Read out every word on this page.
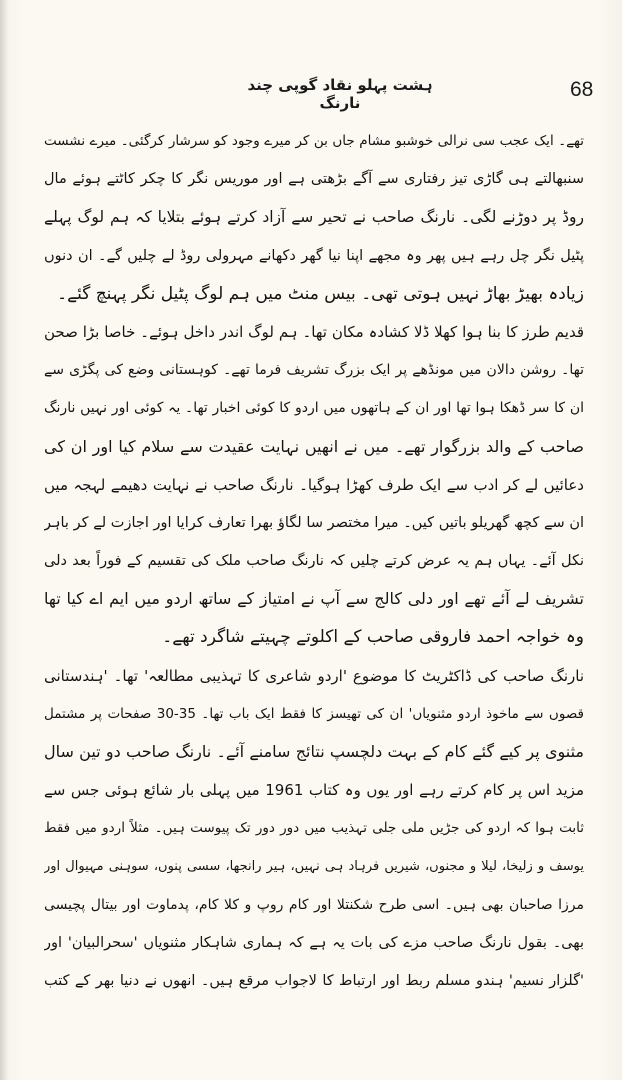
ہشت پہلو نقاد گوپی چند نارنگ
68
تھے۔ ایک عجب سی نرالی خوشبو مشام جاں بن کر میرے وجود کو سرشار کرگئی۔ میرے نشست
سنبھالتے ہی گاڑی تیز رفتاری سے آگے بڑھتی ہے اور موریس نگر کا چکر کاٹتے ہوئے مال
روڈ پر دوڑنے لگی۔ نارنگ صاحب نے تحیر سے آزاد کرتے ہوئے بتلایا کہ ہم لوگ پہلے
پٹیل نگر چل رہے ہیں پھر وہ مجھے اپنا نیا گھر دکھانے مہرولی روڈ لے چلیں گے۔ ان دنوں
زیادہ بھیڑ بھاڑ نہیں ہوتی تھی۔ بیس منٹ میں ہم لوگ پٹیل نگر پہنچ گئے۔
قدیم طرز کا بنا ہوا کھلا ڈلا کشادہ مکان تھا۔ ہم لوگ اندر داخل ہوئے۔ خاصا بڑا صحن
تھا۔ روشن دالان میں مونڈھے پر ایک بزرگ تشریف فرما تھے۔ کوہستانی وضع کی پگڑی سے
ان کا سر ڈھکا ہوا تھا اور ان کے ہاتھوں میں اردو کا کوئی اخبار تھا۔ یہ کوئی اور نہیں نارنگ
صاحب کے والد بزرگوار تھے۔ میں نے انھیں نہایت عقیدت سے سلام کیا اور ان کی
دعائیں لے کر ادب سے ایک طرف کھڑا ہوگیا۔ نارنگ صاحب نے نہایت دھیمے لہجہ میں
ان سے کچھ گھریلو باتیں کیں۔ میرا مختصر سا لگاؤ بھرا تعارف کرایا اور اجازت لے کر باہر
نکل آئے۔ یہاں ہم یہ عرض کرتے چلیں کہ نارنگ صاحب ملک کی تقسیم کے فوراً بعد دلی
تشریف لے آئے تھے اور دلی کالج سے آپ نے امتیاز کے ساتھ اردو میں ایم اے کیا تھا
وہ خواجہ احمد فاروقی صاحب کے اکلوتے چہیتے شاگرد تھے۔
نارنگ صاحب کی ڈاکٹریٹ کا موضوع 'اردو شاعری کا تہذیبی مطالعہ' تھا۔ 'ہندستانی
قصوں سے ماخوذ اردو مثنویاں' ان کی تھیسز کا فقط ایک باب تھا۔ 35-30 صفحات پر مشتمل
مثنوی پر کیے گئے کام کے بہت دلچسپ نتائج سامنے آئے۔ نارنگ صاحب دو تین سال
مزید اس پر کام کرتے رہے اور یوں وہ کتاب 1961 میں پہلی بار شائع ہوئی جس سے
ثابت ہوا کہ اردو کی جڑیں ملی جلی تہذیب میں دور دور تک پیوست ہیں۔ مثلاً اردو میں فقط
یوسف و زلیخا، لیلا و مجنوں، شیریں فرہاد ہی نہیں، ہیر رانجھا، سسی پنوں، سوہنی مہیوال اور
مرزا صاحبان بھی ہیں۔ اسی طرح شکنتلا اور کام روپ و کلا کام، پدماوت اور بیتال پچیسی
بھی۔ بقول نارنگ صاحب مزے کی بات یہ ہے کہ ہماری شاہکار مثنویاں 'سحرالبیان' اور
'گلزار نسیم' ہندو مسلم ربط اور ارتباط کا لاجواب مرقع ہیں۔ انھوں نے دنیا بھر کے کتب
